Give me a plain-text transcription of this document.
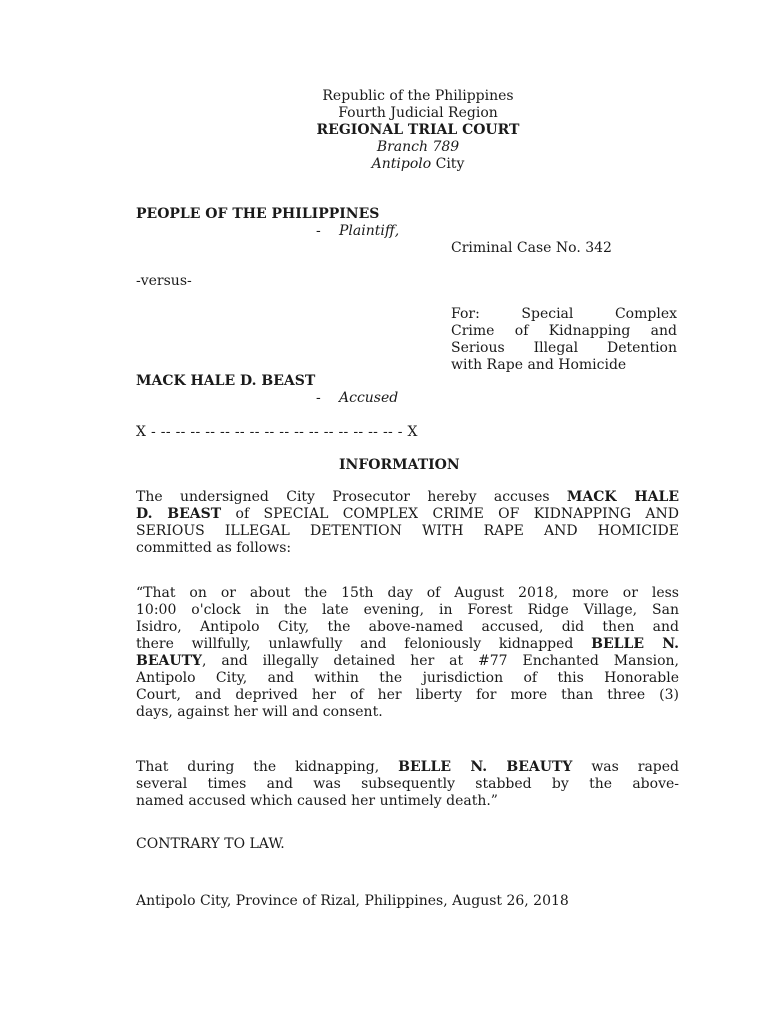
Republic of the Philippines
Fourth Judicial Region
REGIONAL TRIAL COURT
Branch 789
Antipolo City
PEOPLE OF THE PHILIPPINES
- Plaintiff,
Criminal Case No. 342
-versus-
For: Special Complex
Crime of Kidnapping and
Serious Illegal Detention
with Rape and Homicide
MACK HALE D. BEAST
- Accused
X - -- -- -- -- -- -- -- -- -- -- -- -- -- -- -- -- - X
INFORMATION
The undersigned City Prosecutor hereby accuses MACK HALE
D. BEAST of SPECIAL COMPLEX CRIME OF KIDNAPPING AND
SERIOUS ILLEGAL DETENTION WITH RAPE AND HOMICIDE
committed as follows:
“That on or about the 15th day of August 2018, more or less
10:00 o'clock in the late evening, in Forest Ridge Village, San
Isidro, Antipolo City, the above-named accused, did then and
there willfully, unlawfully and feloniously kidnapped BELLE N.
BEAUTY, and illegally detained her at #77 Enchanted Mansion,
Antipolo City, and within the jurisdiction of this Honorable
Court, and deprived her of her liberty for more than three (3)
days, against her will and consent.
That during the kidnapping, BELLE N. BEAUTY was raped
several times and was subsequently stabbed by the above-
named accused which caused her untimely death.”
CONTRARY TO LAW.
Antipolo City, Province of Rizal, Philippines, August 26, 2018
